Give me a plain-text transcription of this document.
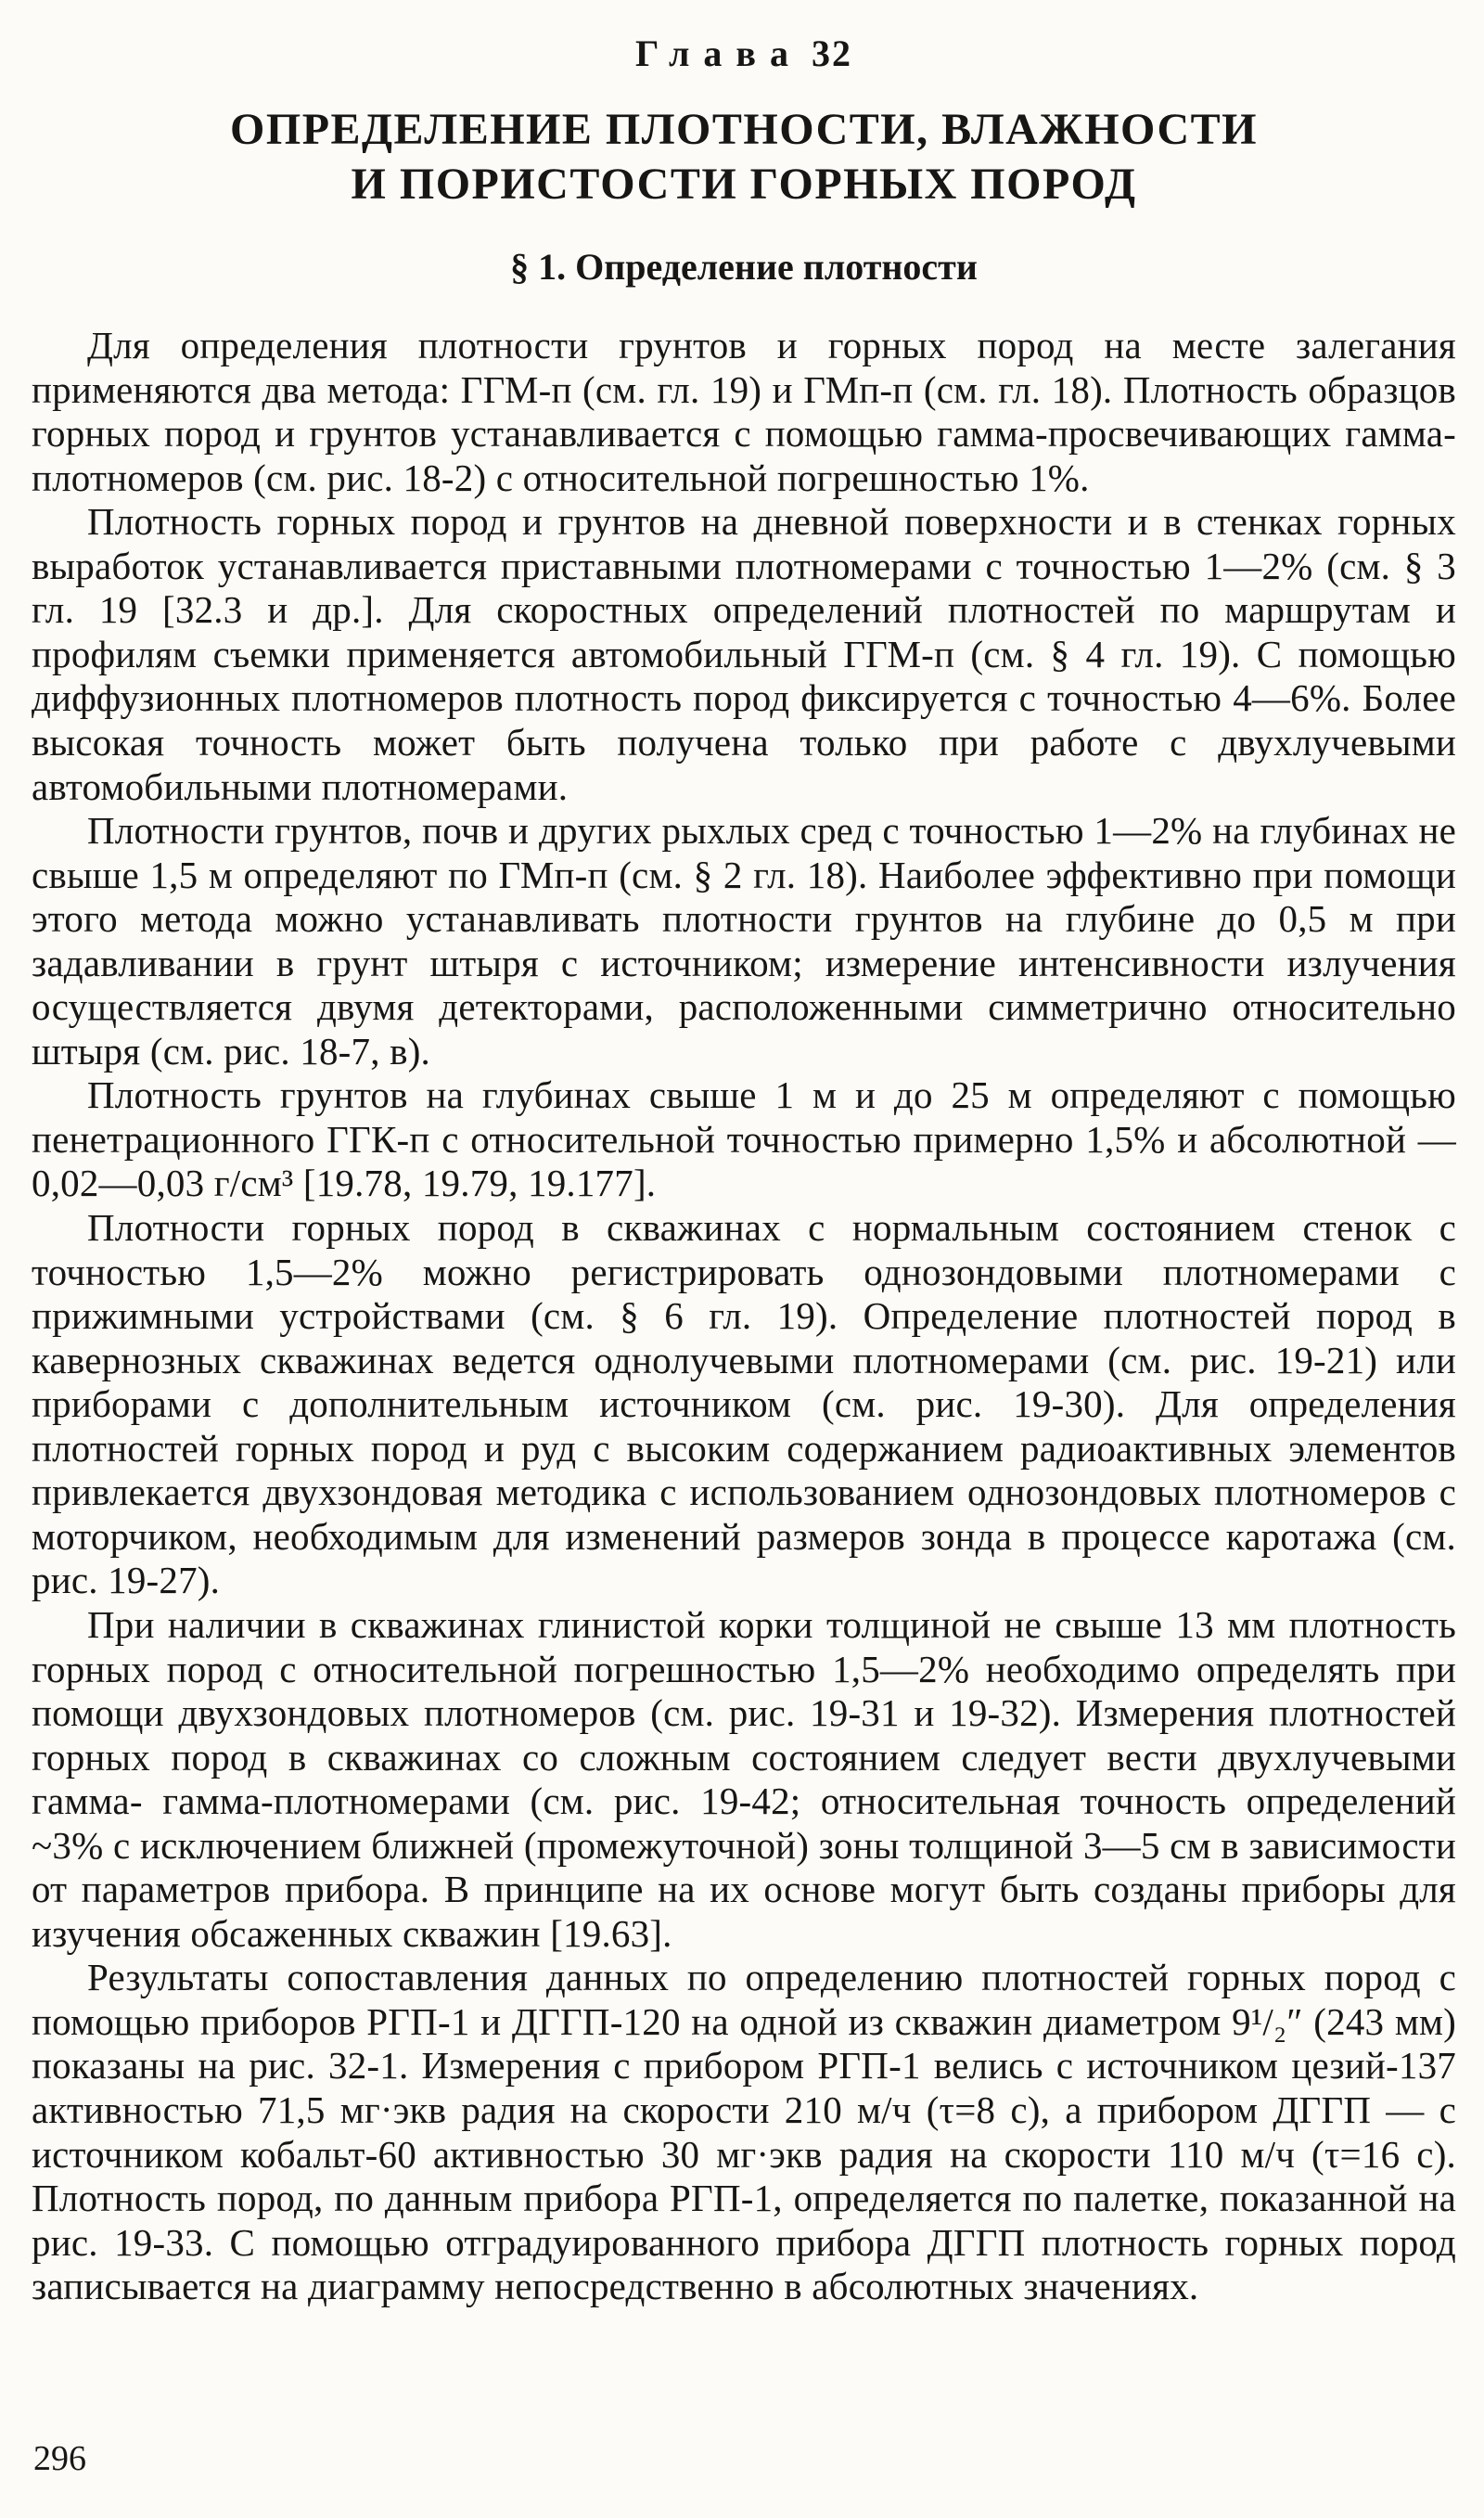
Глава 32
ОПРЕДЕЛЕНИЕ ПЛОТНОСТИ, ВЛАЖНОСТИ
И ПОРИСТОСТИ ГОРНЫХ ПОРОД
§ 1. Определение плотности

Для определения плотности грунтов и горных пород на месте залегания применяются два метода: ГГМ-п (см. гл. 19) и ГМп-п (см. гл. 18). Плотность образцов горных пород и грунтов устанавливается с помощью гамма-просвечивающих гамма-плотномеров (см. рис. 18-2) с относительной погрешностью 1%.

Плотность горных пород и грунтов на дневной поверхности и в стенках горных выработок устанавливается приставными плотномерами с точностью 1—2% (см. § 3 гл. 19 [32.3 и др.]. Для скоростных определений плотностей по маршрутам и профилям съемки применяется автомобильный ГГМ-п (см. § 4 гл. 19). С помощью диффузионных плотномеров плотность пород фиксируется с точностью 4—6%. Более высокая точность может быть получена только при работе с двухлучевыми автомобильными плотномерами.

Плотности грунтов, почв и других рыхлых сред с точностью 1—2% на глубинах не свыше 1,5 м определяют по ГМп-п (см. § 2 гл. 18). Наиболее эффективно при помощи этого метода можно устанавливать плотности грунтов на глубине до 0,5 м при задавливании в грунт штыря с источником; измерение интенсивности излучения осуществляется двумя детекторами, расположенными симметрично относительно штыря (см. рис. 18-7, в).

Плотность грунтов на глубинах свыше 1 м и до 25 м определяют с помощью пенетрационного ГГК-п с относительной точностью примерно 1,5% и абсолютной —0,02—0,03 г/см³ [19.78, 19.79, 19.177].

Плотности горных пород в скважинах с нормальным состоянием стенок с точностью 1,5—2% можно регистрировать однозондовыми плотномерами с прижимными устройствами (см. § 6 гл. 19). Определение плотностей пород в кавернозных скважинах ведется однолучевыми плотномерами (см. рис. 19-21) или приборами с дополнительным источником (см. рис. 19-30). Для определения плотностей горных пород и руд с высоким содержанием радиоактивных элементов привлекается двухзондовая методика с использованием однозондовых плотномеров с моторчиком, необходимым для изменений размеров зонда в процессе каротажа (см. рис. 19-27).

При наличии в скважинах глинистой корки толщиной не свыше 13 мм плотность горных пород с относительной погрешностью 1,5—2% необходимо определять при помощи двухзондовых плотномеров (см. рис. 19-31 и 19-32). Измерения плотностей горных пород в скважинах со сложным состоянием следует вести двухлучевыми гамма- гамма-плотномерами (см. рис. 19-42; относительная точность определений ~3% с исключением ближней (промежуточной) зоны толщиной 3—5 см в зависимости от параметров прибора. В принципе на их основе могут быть созданы приборы для изучения обсаженных скважин [19.63].

Результаты сопоставления данных по определению плотностей горных пород с помощью приборов РГП-1 и ДГГП-120 на одной из скважин диаметром 9¹/₂″ (243 мм) показаны на рис. 32-1. Измерения с прибором РГП-1 велись с источником цезий-137 активностью 71,5 мг·экв радия на скорости 210 м/ч (τ=8 с), а прибором ДГГП — с источником кобальт-60 активностью 30 мг·экв радия на скорости 110 м/ч (τ=16 с). Плотность пород, по данным прибора РГП-1, определяется по палетке, показанной на рис. 19-33. С помощью отградуированного прибора ДГГП плотность горных пород записывается на диаграмму непосредственно в абсолютных значениях.

296
